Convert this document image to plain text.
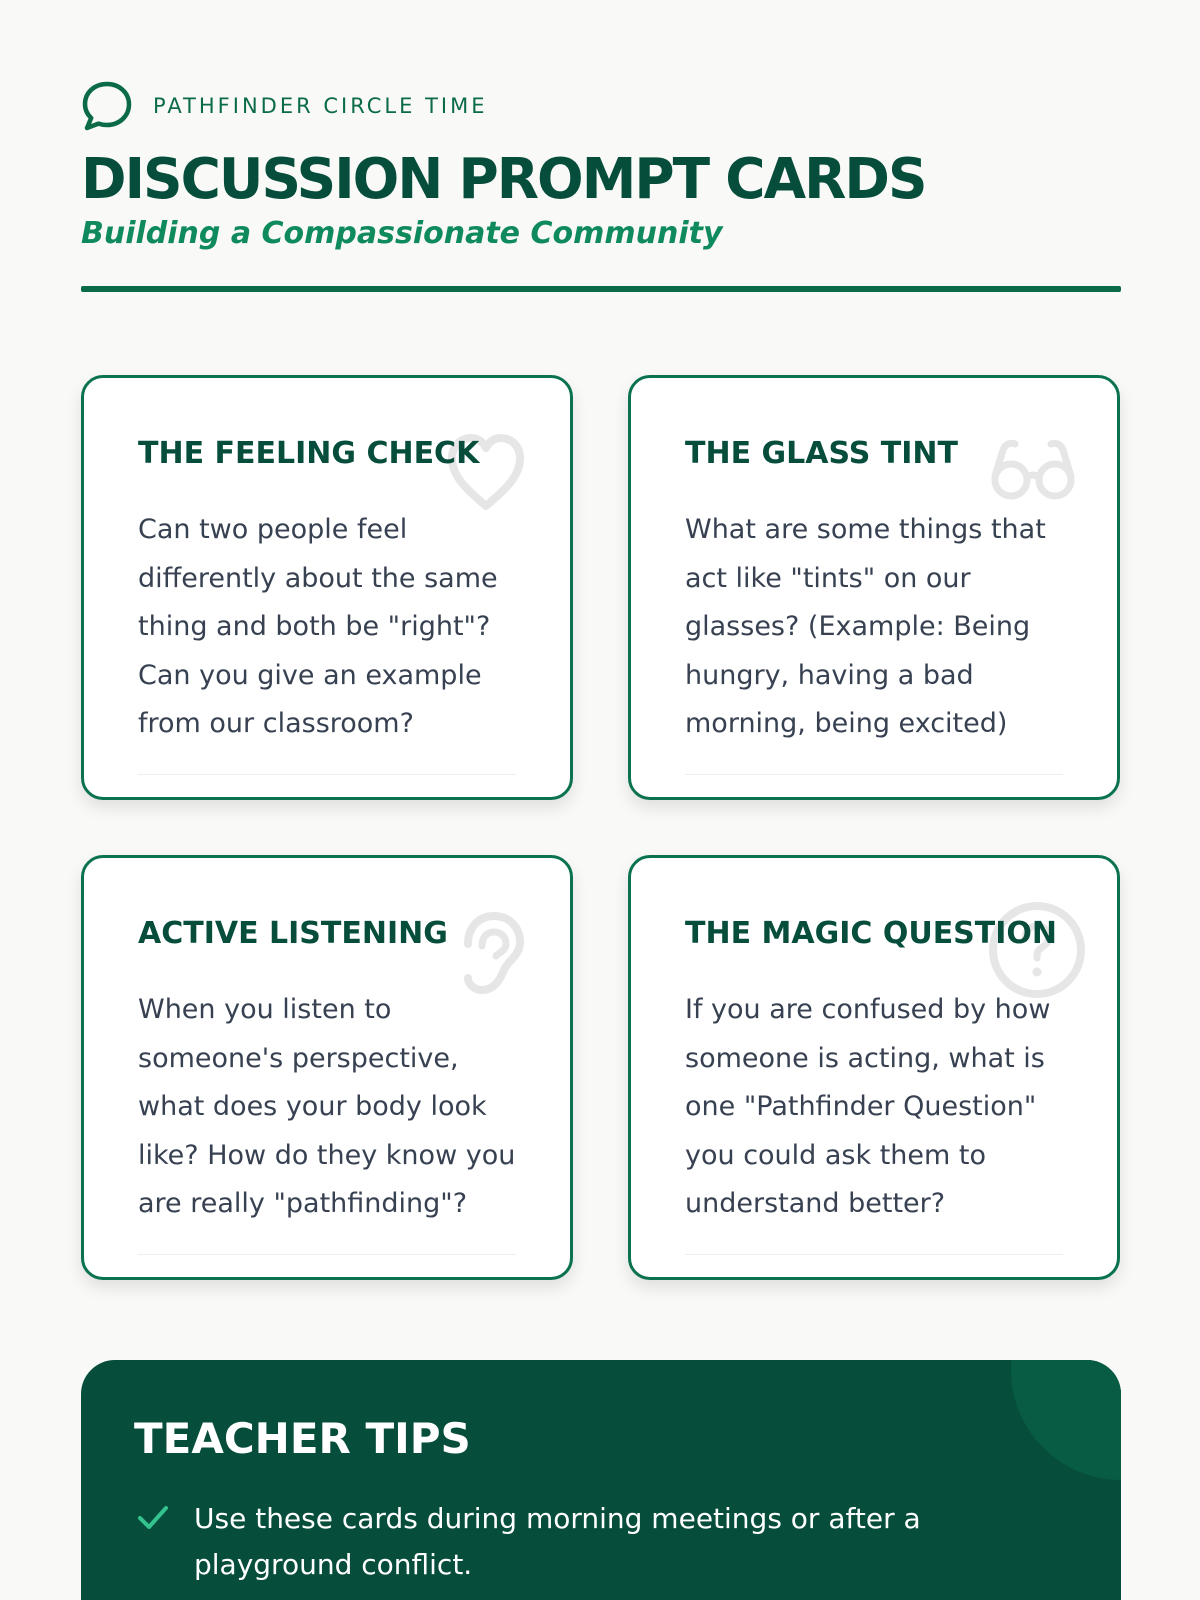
PATHFINDER CIRCLE TIME
DISCUSSION PROMPT CARDS
Building a Compassionate Community
THE FEELING CHECK
Can two people feel differently about the same thing and both be "right"? Can you give an example from our classroom?
THE GLASS TINT
What are some things that act like "tints" on our glasses? (Example: Being hungry, having a bad morning, being excited)
ACTIVE LISTENING
When you listen to someone's perspective, what does your body look like? How do they know you are really "pathfinding"?
THE MAGIC QUESTION
If you are confused by how someone is acting, what is one "Pathfinder Question" you could ask them to understand better?
TEACHER TIPS
Use these cards during morning meetings or after a playground conflict.
